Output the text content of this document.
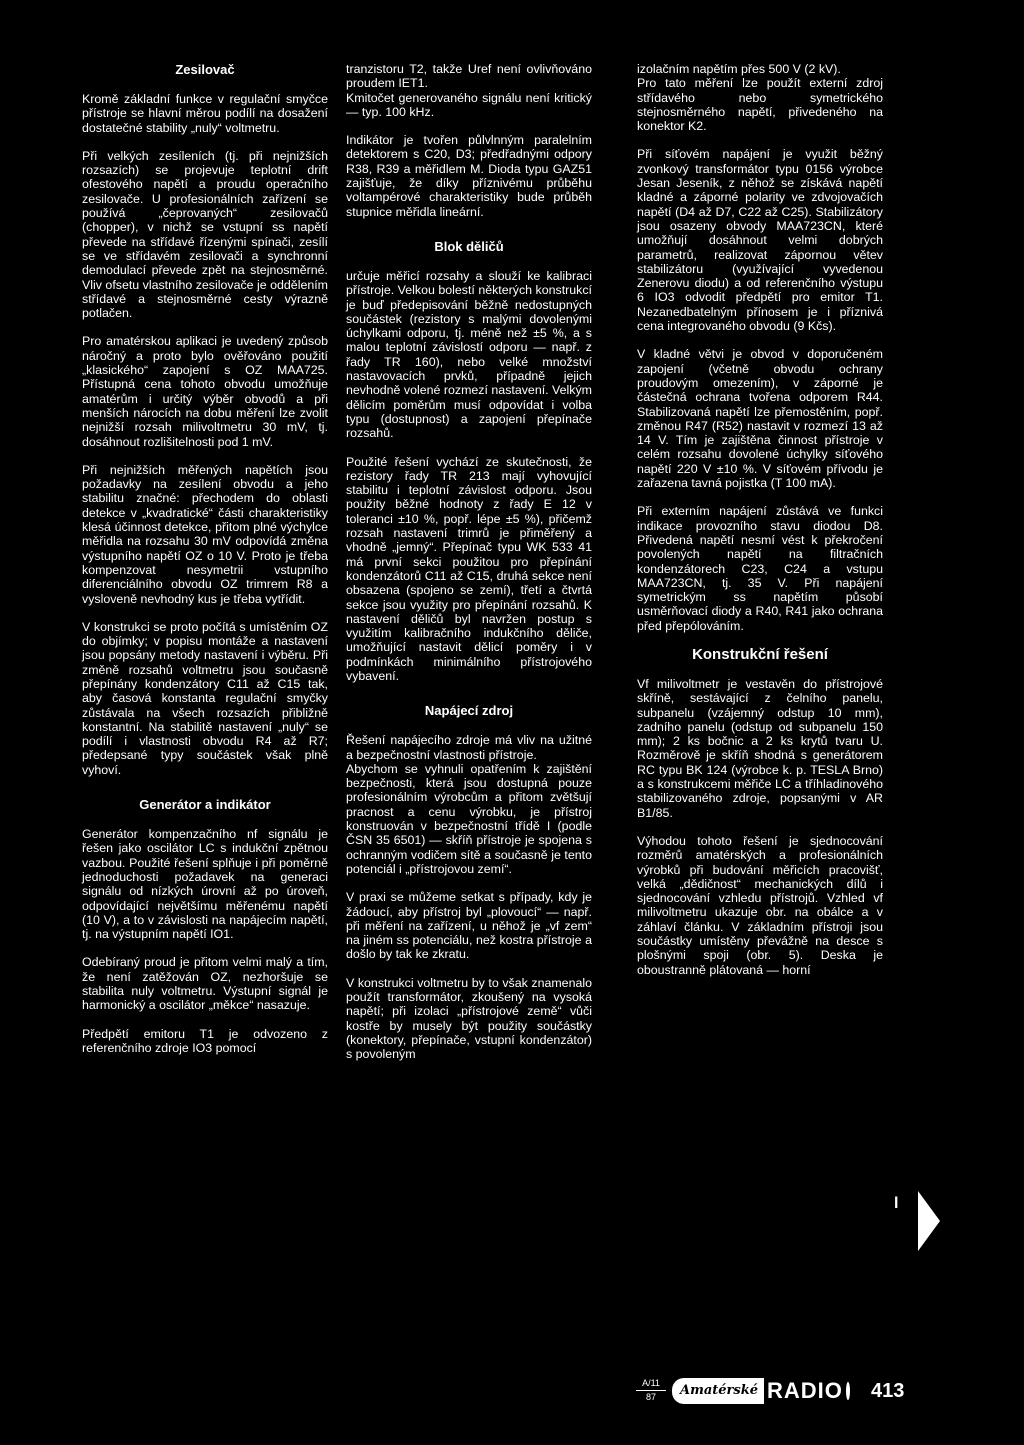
Zesilovač

Kromě základní funkce v regulační smyčce přístroje se hlavní měrou podílí na dosažení dostatečné stability „nuly“ voltmetru.

Při velkých zesíleních (tj. při nejnižších rozsazích) se projevuje teplotní drift ofestového napětí a proudu operačního zesilovače. U profesionálních zařízení se používá „čeprovaných“ zesilovačů (chopper), v nichž se vstupní ss napětí převede na střídavé řízenými spínači, zesílí se ve střídavém zesilovači a synchronní demodulací převede zpět na stejnosměrné. Vliv ofsetu vlastního zesilovače je oddělením střídavé a stejnosměrné cesty výrazně potlačen.

Pro amatérskou aplikaci je uvedený způsob náročný a proto bylo ověřováno použití „klasického“ zapojení s OZ MAA725. Přístupná cena tohoto obvodu umožňuje amatérům i určitý výběr obvodů a při menších nárocích na dobu měření lze zvolit nejnižší rozsah milivoltmetru 30 mV, tj. dosáhnout rozlišitelnosti pod 1 mV.

Při nejnižších měřených napětích jsou požadavky na zesílení obvodu a jeho stabilitu značné: přechodem do oblasti detekce v „kvadratické“ části charakteristiky klesá účinnost detekce, přitom plné výchylce měřidla na rozsahu 30 mV odpovídá změna výstupního napětí OZ o 10 V. Proto je třeba kompenzovat nesymetrii vstupního diferenciálního obvodu OZ trimrem R8 a vysloveně nevhodný kus je třeba vytřídit.

V konstrukci se proto počítá s umístěním OZ do objímky; v popisu montáže a nastavení jsou popsány metody nastavení i výběru. Při změně rozsahů voltmetru jsou současně přepínány kondenzátory C11 až C15 tak, aby časová konstanta regulační smyčky zůstávala na všech rozsazích přibližně konstantní. Na stabilitě nastavení „nuly“ se podílí i vlastnosti obvodu R4 až R7; předepsané typy součástek však plně vyhoví.

Generátor a indikátor

Generátor kompenzačního nf signálu je řešen jako oscilátor LC s indukční zpětnou vazbou. Použité řešení splňuje i při poměrně jednoduchosti požadavek na generaci signálu od nízkých úrovní až po úroveň, odpovídající největšímu měřenému napětí (10 V), a to v závislosti na napájecím napětí, tj. na výstupním napětí IO1.

Odebíraný proud je přitom velmi malý a tím, že není zatěžován OZ, nezhoršuje se stabilita nuly voltmetru. Výstupní signál je harmonický a oscilátor „měkce“ nasazuje.

Předpětí emitoru T1 je odvozeno z referenčního zdroje IO3 pomocí

tranzistoru T2, takže Uref není ovlivňováno proudem IET1.

Kmitočet generovaného signálu není kritický — typ. 100 kHz.

Indikátor je tvořen půlvlnným paralelním detektorem s C20, D3; předřadnými odpory R38, R39 a měřidlem M. Dioda typu GAZ51 zajišťuje, že díky příznivému průběhu voltampérové charakteristiky bude průběh stupnice měřidla lineární.

Blok děličů

určuje měřicí rozsahy a slouží ke kalibraci přístroje. Velkou bolestí některých konstrukcí je buď předepisování běžně nedostupných součástek (rezistory s malými dovolenými úchylkami odporu, tj. méně než ±5 %, a s malou teplotní závislostí odporu — např. z řady TR 160), nebo velké množství nastavovacích prvků, případně jejich nevhodně volené rozmezí nastavení. Velkým dělicím poměrům musí odpovídat i volba typu (dostupnost) a zapojení přepínače rozsahů.

Použité řešení vychází ze skutečnosti, že rezistory řady TR 213 mají vyhovující stabilitu i teplotní závislost odporu. Jsou použity běžné hodnoty z řady E 12 v toleranci ±10 %, popř. lépe ±5 %), přičemž rozsah nastavení trimrů je přiměřený a vhodně „jemný“. Přepínač typu WK 533 41 má první sekci použitou pro přepínání kondenzátorů C11 až C15, druhá sekce není obsazena (spojeno se zemí), třetí a čtvrtá sekce jsou využity pro přepínání rozsahů. K nastavení děličů byl navržen postup s využitím kalibračního indukčního děliče, umožňující nastavit dělicí poměry i v podmínkách minimálního přístrojového vybavení.

Napájecí zdroj

Řešení napájecího zdroje má vliv na užitné a bezpečnostní vlastnosti přístroje.

Abychom se vyhnuli opatřením k zajištění bezpečnosti, která jsou dostupná pouze profesionálním výrobcům a přitom zvětšují pracnost a cenu výrobku, je přístroj konstruován v bezpečnostní třídě I (podle ČSN 35 6501) — skříň přístroje je spojena s ochranným vodičem sítě a současně je tento potenciál i „přístrojovou zemí“.

V praxi se můžeme setkat s případy, kdy je žádoucí, aby přístroj byl „plovoucí“ — např. při měření na zařízení, u něhož je „vf zem“ na jiném ss potenciálu, než kostra přístroje a došlo by tak ke zkratu.

V konstrukci voltmetru by to však znamenalo použít transformátor, zkoušený na vysoká napětí; při izolaci „přístrojové země“ vůči kostře by musely být použity součástky (konektory, přepínače, vstupní kondenzátor) s povoleným

izolačním napětím přes 500 V (2 kV).

Pro tato měření lze použít externí zdroj střídavého nebo symetrického stejnosměrného napětí, přivedeného na konektor K2.

Při síťovém napájení je využit běžný zvonkový transformátor typu 0156 výrobce Jesan Jeseník, z něhož se získává napětí kladné a záporné polarity ve zdvojovačích napětí (D4 až D7, C22 až C25). Stabilizátory jsou osazeny obvody MAA723CN, které umožňují dosáhnout velmi dobrých parametrů, realizovat zápornou větev stabilizátoru (využívající vyvedenou Zenerovu diodu) a od referenčního výstupu 6 IO3 odvodit předpětí pro emitor T1. Nezanedbatelným přínosem je i příznivá cena integrovaného obvodu (9 Kčs).

V kladné větvi je obvod v doporučeném zapojení (včetně obvodu ochrany proudovým omezením), v záporné je částečná ochrana tvořena odporem R44. Stabilizovaná napětí lze přemostěním, popř. změnou R47 (R52) nastavit v rozmezí 13 až 14 V. Tím je zajištěna činnost přístroje v celém rozsahu dovolené úchylky síťového napětí 220 V ±10 %. V síťovém přívodu je zařazena tavná pojistka (T 100 mA).

Při externím napájení zůstává ve funkci indikace provozního stavu diodou D8. Přivedená napětí nesmí vést k překročení povolených napětí na filtračních kondenzátorech C23, C24 a vstupu MAA723CN, tj. 35 V. Při napájení symetrickým ss napětím působí usměrňovací diody a R40, R41 jako ochrana před přepólováním.

Konstrukční řešení

Vf milivoltmetr je vestavěn do přístrojové skříně, sestávající z čelního panelu, subpanelu (vzájemný odstup 10 mm), zadního panelu (odstup od subpanelu 150 mm); 2 ks bočnic a 2 ks krytů tvaru U. Rozměrově je skříň shodná s generátorem RC typu BK 124 (výrobce k. p. TESLA Brno) a s konstrukcemi měřiče LC a tříhladinového stabilizovaného zdroje, popsanými v AR B1/85.

Výhodou tohoto řešení je sjednocování rozměrů amatérských a profesionálních výrobků při budování měřicích pracovišť, velká „dědičnost“ mechanických dílů i sjednocování vzhledu přístrojů. Vzhled vf milivoltmetru ukazuje obr. na obálce a v záhlaví článku. V základním přístroji jsou součástky umístěny převážně na desce s plošnými spoji (obr. 5). Deska je oboustranně plátovaná — horní

l
A/11
87	Amatérské RADIO 413
